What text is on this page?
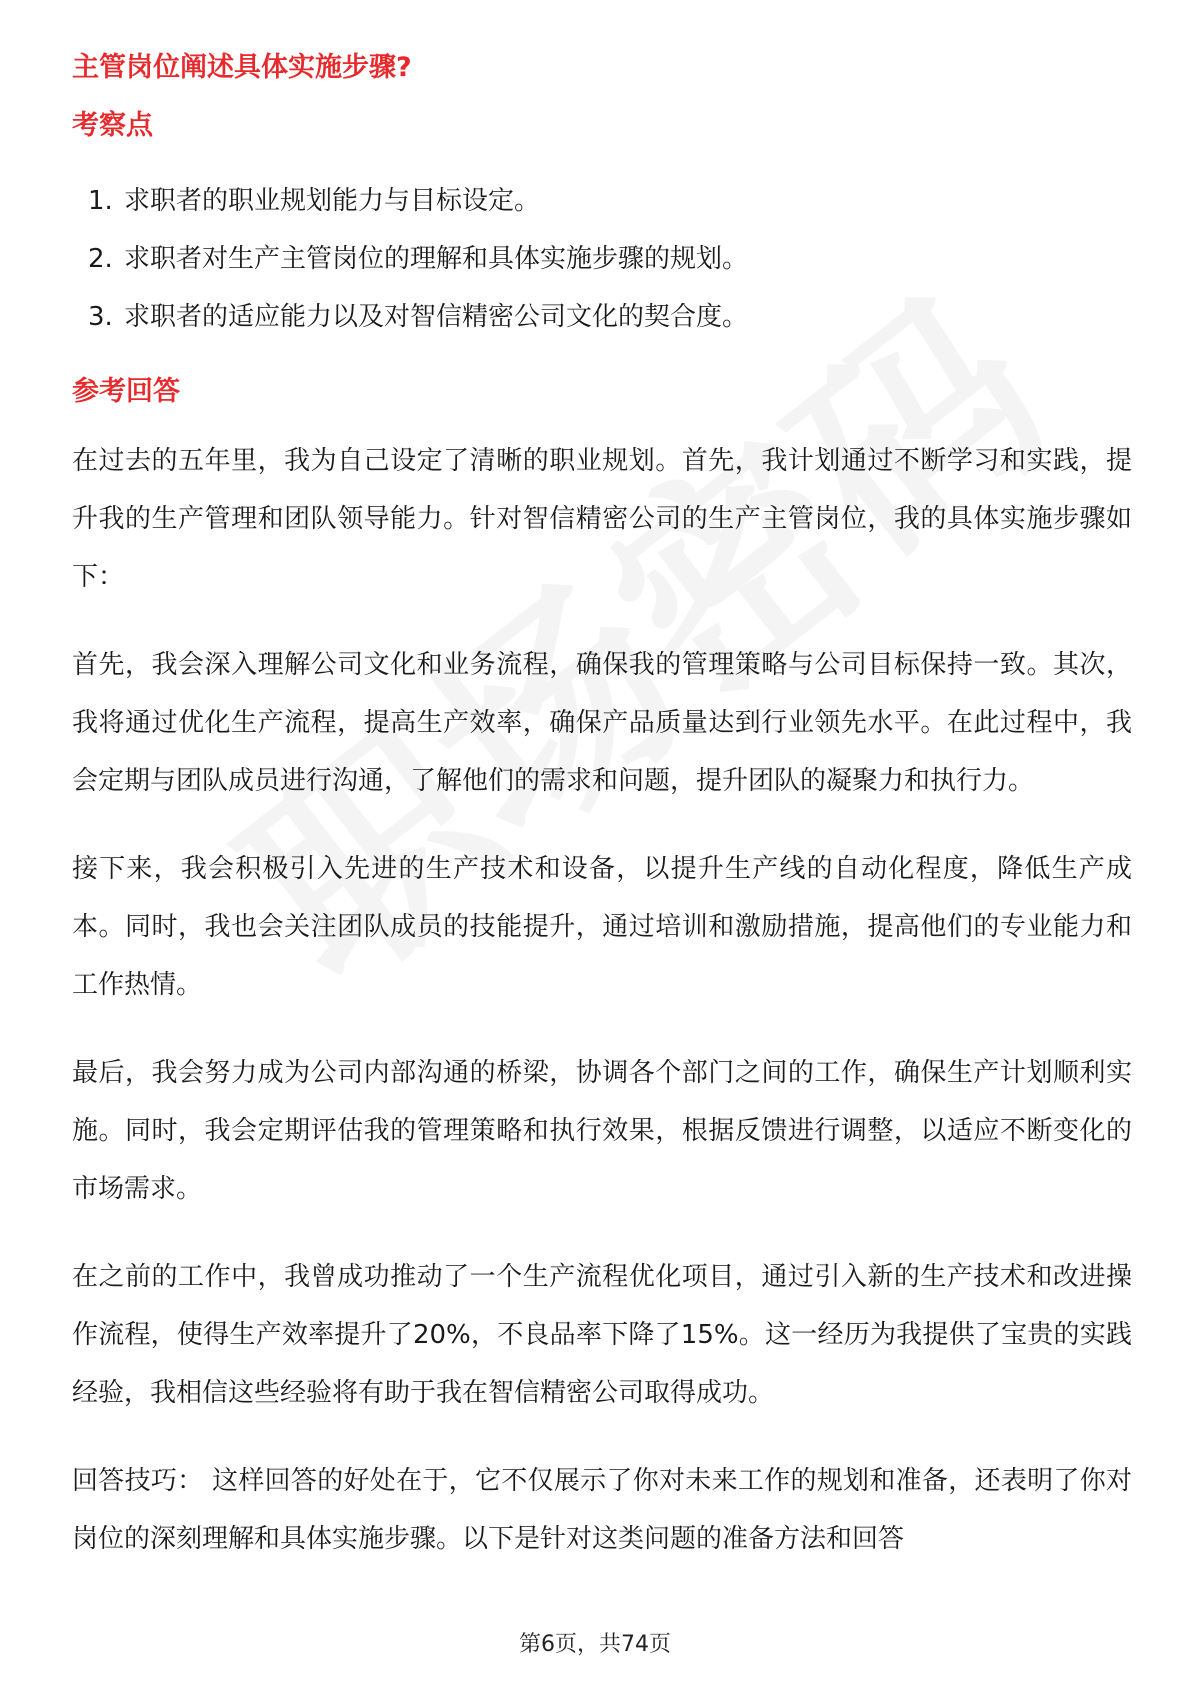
主管岗位阐述具体实施步骤?
考察点
1. 求职者的职业规划能力与目标设定。
2. 求职者对生产主管岗位的理解和具体实施步骤的规划。
3. 求职者的适应能力以及对智信精密公司文化的契合度。
参考回答

在过去的五年里，我为自己设定了清晰的职业规划。首先，我计划通过不断学习和实践，提升我的生产管理和团队领导能力。针对智信精密公司的生产主管岗位，我的具体实施步骤如下：

首先，我会深入理解公司文化和业务流程，确保我的管理策略与公司目标保持一致。其次，我将通过优化生产流程，提高生产效率，确保产品质量达到行业领先水平。在此过程中，我会定期与团队成员进行沟通，了解他们的需求和问题，提升团队的凝聚力和执行力。

接下来，我会积极引入先进的生产技术和设备，以提升生产线的自动化程度，降低生产成本。同时，我也会关注团队成员的技能提升，通过培训和激励措施，提高他们的专业能力和工作热情。

最后，我会努力成为公司内部沟通的桥梁，协调各个部门之间的工作，确保生产计划顺利实施。同时，我会定期评估我的管理策略和执行效果，根据反馈进行调整，以适应不断变化的市场需求。

在之前的工作中，我曾成功推动了一个生产流程优化项目，通过引入新的生产技术和改进操作流程，使得生产效率提升了20%，不良品率下降了15%。这一经历为我提供了宝贵的实践经验，我相信这些经验将有助于我在智信精密公司取得成功。

回答技巧： 这样回答的好处在于，它不仅展示了你对未来工作的规划和准备，还表明了你对岗位的深刻理解和具体实施步骤。以下是针对这类问题的准备方法和回答

第6页，共74页
